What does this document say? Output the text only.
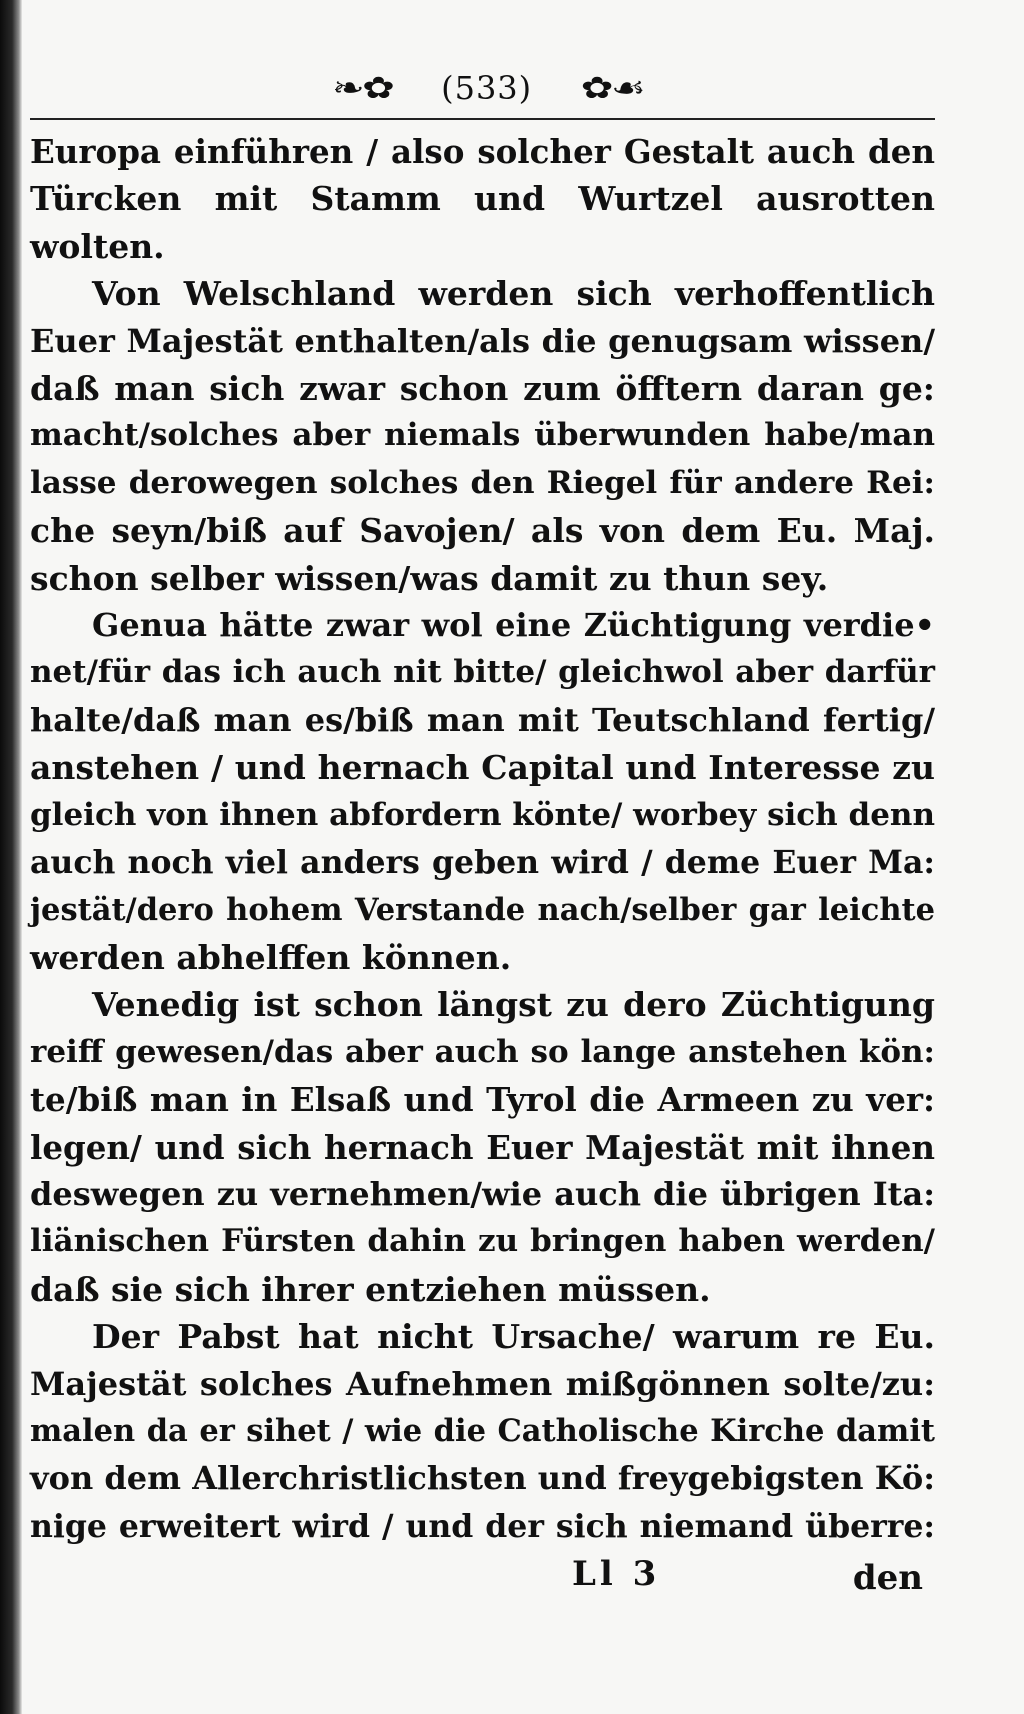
❧✿ (533) ✿☙
Europa einführen / also solcher Gestalt auch den
Türcken mit Stamm und Wurtzel ausrotten
wolten.
Von Welschland werden sich verhoffentlich
Euer Majestät enthalten/als die genugsam wissen/
daß man sich zwar schon zum öfftern daran ge:
macht/solches aber niemals überwunden habe/man
lasse derowegen solches den Riegel für andere Rei:
che seyn/biß auf Savojen/ als von dem Eu. Maj.
schon selber wissen/was damit zu thun sey.
Genua hätte zwar wol eine Züchtigung verdie•
net/für das ich auch nit bitte/ gleichwol aber darfür
halte/daß man es/biß man mit Teutschland fertig/
anstehen / und hernach Capital und Interesse zu
gleich von ihnen abfordern könte/ worbey sich denn
auch noch viel anders geben wird / deme Euer Ma:
jestät/dero hohem Verstande nach/selber gar leichte
werden abhelffen können.
Venedig ist schon längst zu dero Züchtigung
reiff gewesen/das aber auch so lange anstehen kön:
te/biß man in Elsaß und Tyrol die Armeen zu ver:
legen/ und sich hernach Euer Majestät mit ihnen
deswegen zu vernehmen/wie auch die übrigen Ita:
liänischen Fürsten dahin zu bringen haben werden/
daß sie sich ihrer entziehen müssen.
Der Pabst hat nicht Ursache/ warum re Eu.
Majestät solches Aufnehmen mißgönnen solte/zu:
malen da er sihet / wie die Catholische Kirche damit
von dem Allerchristlichsten und freygebigsten Kö:
nige erweitert wird / und der sich niemand überre:
Ll 3	den
